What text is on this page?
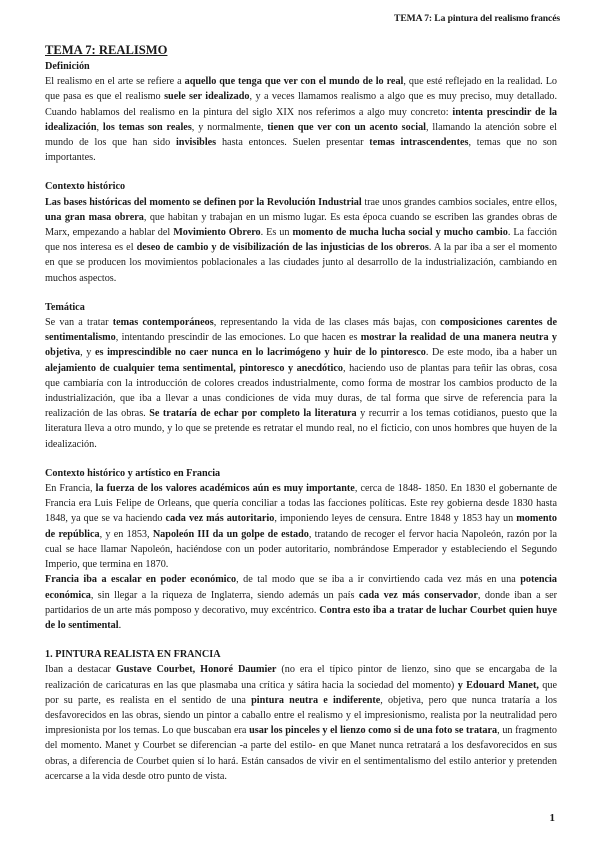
TEMA 7: La pintura del realismo francés
TEMA 7: REALISMO
Definición

El realismo en el arte se refiere a aquello que tenga que ver con el mundo de lo real, que esté reflejado en la realidad. Lo que pasa es que el realismo suele ser idealizado, y a veces llamamos realismo a algo que es muy preciso, muy detallado. Cuando hablamos del realismo en la pintura del siglo XIX nos referimos a algo muy concreto: intenta prescindir de la idealización, los temas son reales, y normalmente, tienen que ver con un acento social, llamando la atención sobre el mundo de los que han sido invisibles hasta entonces. Suelen presentar temas intrascendentes, temas que no son importantes.

Contexto histórico

Las bases históricas del momento se definen por la Revolución Industrial trae unos grandes cambios sociales, entre ellos, una gran masa obrera, que habitan y trabajan en un mismo lugar. Es esta época cuando se escriben las grandes obras de Marx, empezando a hablar del Movimiento Obrero. Es un momento de mucha lucha social y mucho cambio. La facción que nos interesa es el deseo de cambio y de visibilización de las injusticias de los obreros. A la par iba a ser el momento en que se producen los movimientos poblacionales a las ciudades junto al desarrollo de la industrialización, cambiando en muchos aspectos.

Temática

Se van a tratar temas contemporáneos, representando la vida de las clases más bajas, con composiciones carentes de sentimentalismo, intentando prescindir de las emociones. Lo que hacen es mostrar la realidad de una manera neutra y objetiva, y es imprescindible no caer nunca en lo lacrimógeno y huir de lo pintoresco. De este modo, iba a haber un alejamiento de cualquier tema sentimental, pintoresco y anecdótico, haciendo uso de plantas para teñir las obras, cosa que cambiaría con la introducción de colores creados industrialmente, como forma de mostrar los cambios producto de la industrialización, que iba a llevar a unas condiciones de vida muy duras, de tal forma que sirve de referencia para la realización de las obras. Se trataría de echar por completo la literatura y recurrir a los temas cotidianos, puesto que la literatura lleva a otro mundo, y lo que se pretende es retratar el mundo real, no el ficticio, con unos hombres que huyen de la idealización.

Contexto histórico y artístico en Francia

En Francia, la fuerza de los valores académicos aún es muy importante, cerca de 1848- 1850. En 1830 el gobernante de Francia era Luis Felipe de Orleans, que quería conciliar a todas las facciones políticas. Este rey gobierna desde 1830 hasta 1848, ya que se va haciendo cada vez más autoritario, imponiendo leyes de censura. Entre 1848 y 1853 hay un momento de república, y en 1853, Napoleón III da un golpe de estado, tratando de recoger el fervor hacia Napoleón, razón por la cual se hace llamar Napoleón, haciéndose con un poder autoritario, nombrándose Emperador y estableciendo el Segundo Imperio, que termina en 1870.

Francia iba a escalar en poder económico, de tal modo que se iba a ir convirtiendo cada vez más en una potencia económica, sin llegar a la riqueza de Inglaterra, siendo además un país cada vez más conservador, donde iban a ser partidarios de un arte más pomposo y decorativo, muy excéntrico. Contra esto iba a tratar de luchar Courbet quien huye de lo sentimental.

1. PINTURA REALISTA EN FRANCIA

Iban a destacar Gustave Courbet, Honoré Daumier (no era el típico pintor de lienzo, sino que se encargaba de la realización de caricaturas en las que plasmaba una crítica y sátira hacia la sociedad del momento) y Edouard Manet, que por su parte, es realista en el sentido de una pintura neutra e indiferente, objetiva, pero que nunca trataría a los desfavorecidos en las obras, siendo un pintor a caballo entre el realismo y el impresionismo, realista por la neutralidad pero impresionista por los temas. Lo que buscaban era usar los pinceles y el lienzo como si de una foto se tratara, un fragmento del momento. Manet y Courbet se diferencian -a parte del estilo- en que Manet nunca retratará a los desfavorecidos en sus obras, a diferencia de Courbet quien sí lo hará. Están cansados de vivir en el sentimentalismo del estilo anterior y pretenden acercarse a la vida desde otro punto de vista.

1
